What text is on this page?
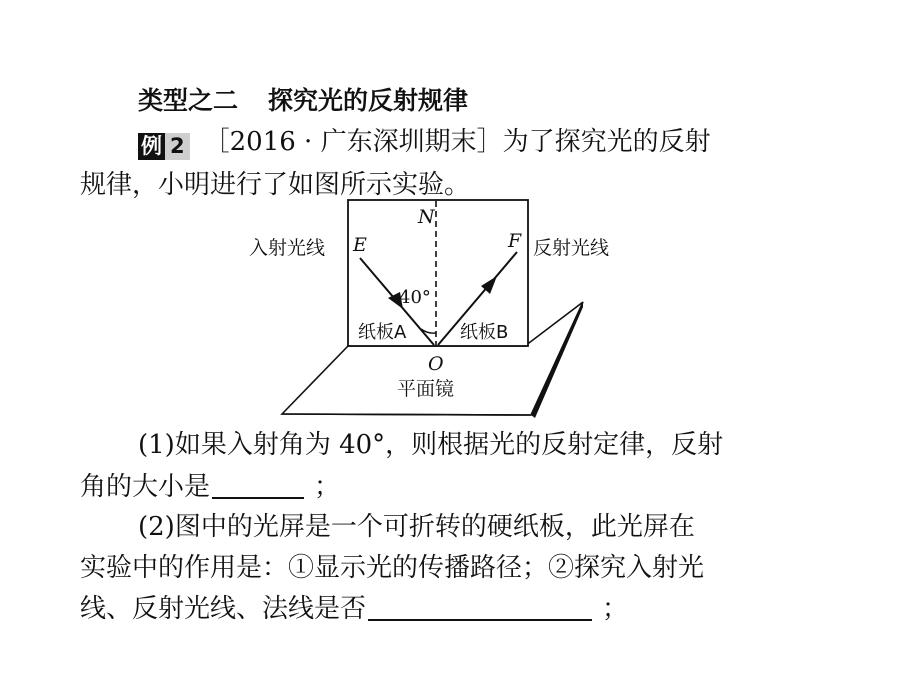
类型之二 探究光的反射规律
例 2 ［2016 · 广东深圳期末］为了探究光的反射
规律，小明进行了如图所示实验。
入射光线	反射光线
E	F
N
40°
纸板A	纸板B
O
平面镜
(1)如果入射角为 40°，则根据光的反射定律，反射
角的大小是	；
(2)图中的光屏是一个可折转的硬纸板，此光屏在
实验中的作用是：①显示光的传播路径；②探究入射光
线、反射光线、法线是否	；
